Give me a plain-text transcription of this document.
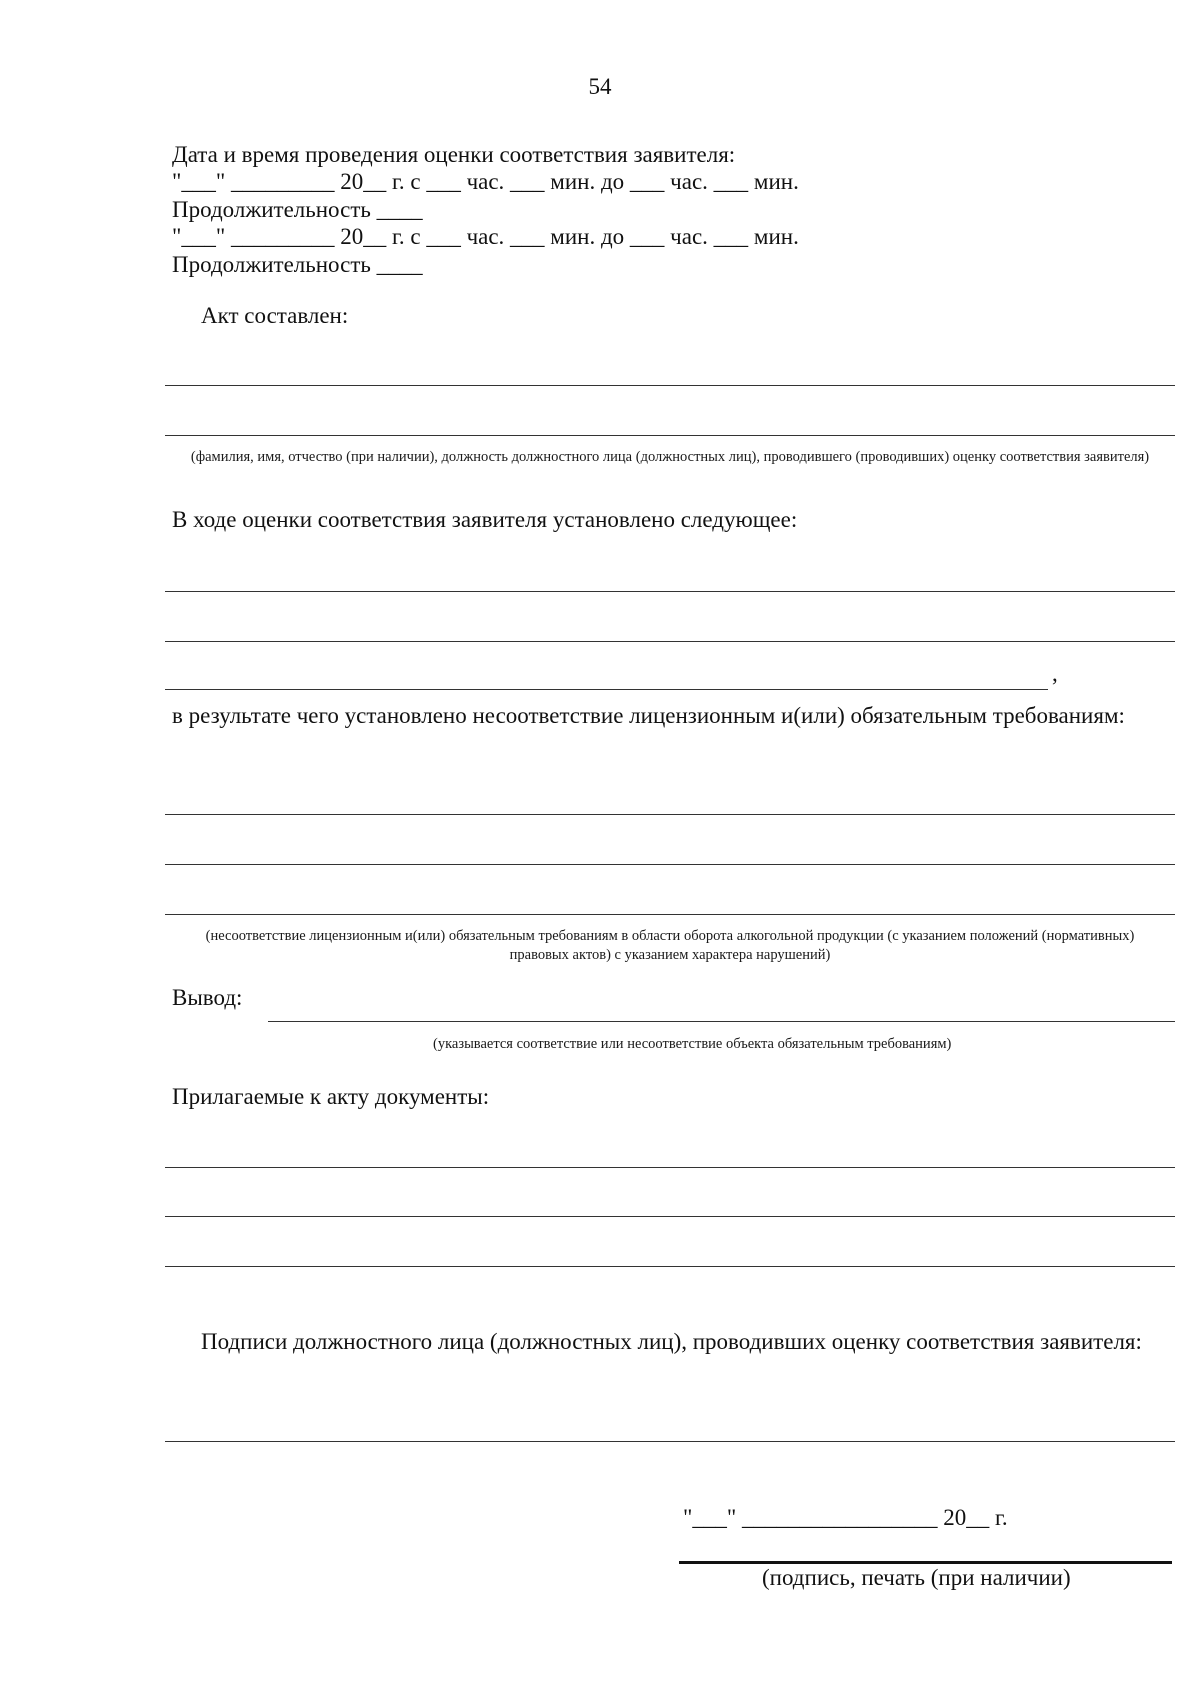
54
Дата и время проведения оценки соответствия заявителя:
"___" _________ 20__ г. с ___ час. ___ мин. до ___ час. ___ мин.
Продолжительность ____
"___" _________ 20__ г. с ___ час. ___ мин. до ___ час. ___ мин.
Продолжительность ____
Акт составлен:
(фамилия, имя, отчество (при наличии), должность должностного лица (должностных лиц), проводившего (проводивших) оценку соответствия заявителя)
В ходе оценки соответствия заявителя установлено следующее:
,
в результате чего установлено несоответствие лицензионным и(или) обязательным требованиям:
(несоответствие лицензионным и(или) обязательным требованиям в области оборота алкогольной продукции (с указанием положений (нормативных) правовых актов) с указанием характера нарушений)
Вывод:
(указывается соответствие или несоответствие объекта обязательным требованиям)
Прилагаемые к акту документы:
Подписи должностного лица (должностных лиц), проводивших оценку соответствия заявителя:
"___" _________________ 20__ г.
(подпись, печать (при наличии)
